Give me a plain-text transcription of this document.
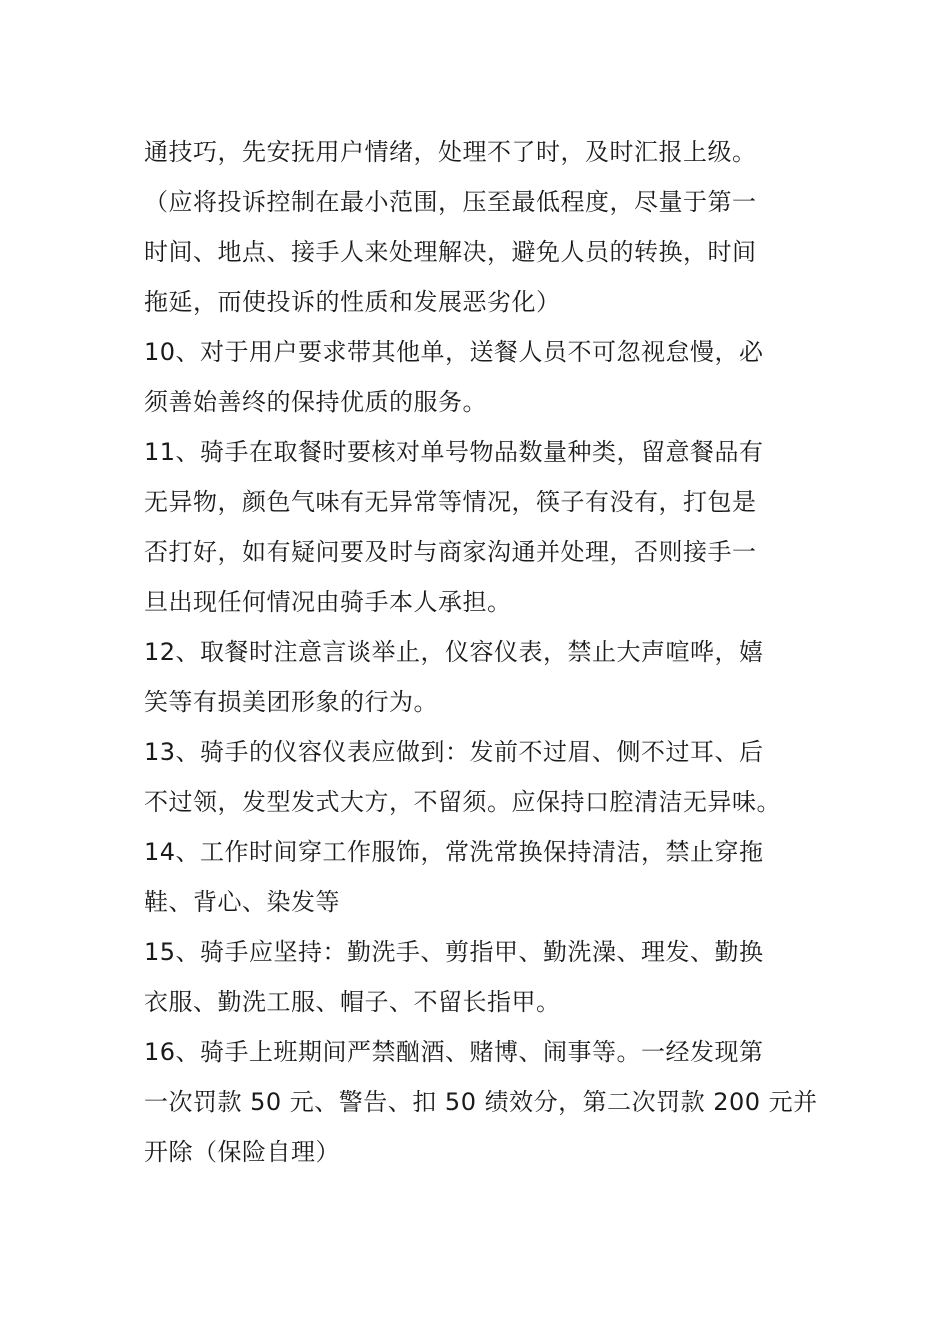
通技巧，先安抚用户情绪，处理不了时，及时汇报上级。
（应将投诉控制在最小范围，压至最低程度，尽量于第一
时间、地点、接手人来处理解决，避免人员的转换，时间
拖延，而使投诉的性质和发展恶劣化）

10、对于用户要求带其他单，送餐人员不可忽视怠慢，必
须善始善终的保持优质的服务。

11、骑手在取餐时要核对单号物品数量种类，留意餐品有
无异物，颜色气味有无异常等情况，筷子有没有，打包是
否打好，如有疑问要及时与商家沟通并处理，否则接手一
旦出现任何情况由骑手本人承担。

12、取餐时注意言谈举止，仪容仪表，禁止大声喧哗，嬉
笑等有损美团形象的行为。

13、骑手的仪容仪表应做到：发前不过眉、侧不过耳、后
不过领，发型发式大方，不留须。应保持口腔清洁无异味。

14、工作时间穿工作服饰，常洗常换保持清洁，禁止穿拖
鞋、背心、染发等

15、骑手应坚持：勤洗手、剪指甲、勤洗澡、理发、勤换
衣服、勤洗工服、帽子、不留长指甲。

16、骑手上班期间严禁酗酒、赌博、闹事等。一经发现第
一次罚款 50 元、警告、扣 50 绩效分，第二次罚款 200 元并
开除（保险自理）
